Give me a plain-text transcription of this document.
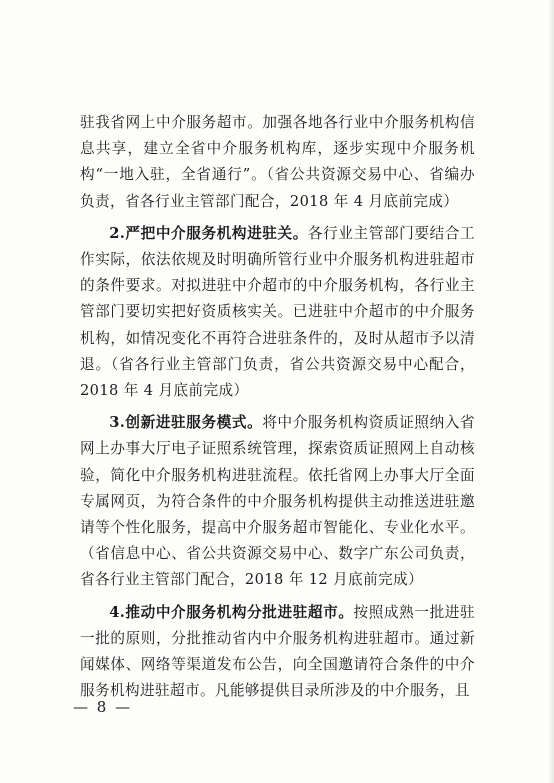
驻我省网上中介服务超市。加强各地各行业中介服务机构信息共享，建立全省中介服务机构库，逐步实现中介服务机构“一地入驻，全省通行”。（省公共资源交易中心、省编办负责，省各行业主管部门配合，2018 年 4 月底前完成）

2.严把中介服务机构进驻关。各行业主管部门要结合工作实际，依法依规及时明确所管行业中介服务机构进驻超市的条件要求。对拟进驻中介超市的中介服务机构，各行业主管部门要切实把好资质核实关。已进驻中介超市的中介服务机构，如情况变化不再符合进驻条件的，及时从超市予以清退。（省各行业主管部门负责，省公共资源交易中心配合，2018 年 4 月底前完成）

3.创新进驻服务模式。将中介服务机构资质证照纳入省网上办事大厅电子证照系统管理，探索资质证照网上自动核验，简化中介服务机构进驻流程。依托省网上办事大厅全面专属网页，为符合条件的中介服务机构提供主动推送进驻邀请等个性化服务，提高中介服务超市智能化、专业化水平。（省信息中心、省公共资源交易中心、数字广东公司负责，省各行业主管部门配合，2018 年 12 月底前完成）

4.推动中介服务机构分批进驻超市。按照成熟一批进驻一批的原则，分批推动省内中介服务机构进驻超市。通过新闻媒体、网络等渠道发布公告，向全国邀请符合条件的中介服务机构进驻超市。凡能够提供目录所涉及的中介服务，且

— 8 —
